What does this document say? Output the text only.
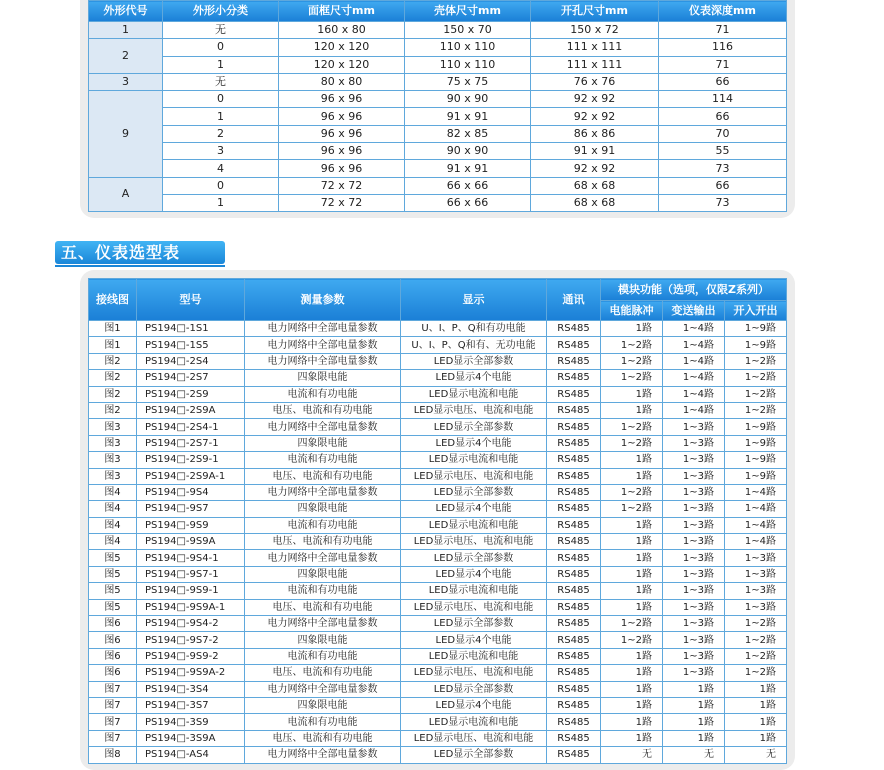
外形代号	外形小分类	面框尺寸mm	壳体尺寸mm	开孔尺寸mm	仪表深度mm
1	无	160 x 80	150 x 70	150 x 72	71
2	0	120 x 120	110 x 110	111 x 111	116
	1	120 x 120	110 x 110	111 x 111	71
3	无	80 x 80	75 x 75	76 x 76	66
9	0	96 x 96	90 x 90	92 x 92	114
	1	96 x 96	91 x 91	92 x 92	66
	2	96 x 96	82 x 85	86 x 86	70
	3	96 x 96	90 x 90	91 x 91	55
	4	96 x 96	91 x 91	92 x 92	73
A	0	72 x 72	66 x 66	68 x 68	66
	1	72 x 72	66 x 66	68 x 68	73
五、仪表选型表
接线图	型号	测量参数	显示	通讯	模块功能（选项，仅限Z系列）		
					电能脉冲	变送输出	开入开出
图1	PS194□-1S1	电力网络中全部电量参数	U、I、P、Q和有功电能	RS485	1路	1~4路	1~9路
图1	PS194□-1S5	电力网络中全部电量参数	U、I、P、Q和有、无功电能	RS485	1~2路	1~4路	1~9路
图2	PS194□-2S4	电力网络中全部电量参数	LED显示全部参数	RS485	1~2路	1~4路	1~2路
图2	PS194□-2S7	四象限电能	LED显示4个电能	RS485	1~2路	1~4路	1~2路
图2	PS194□-2S9	电流和有功电能	LED显示电流和电能	RS485	1路	1~4路	1~2路
图2	PS194□-2S9A	电压、电流和有功电能	LED显示电压、电流和电能	RS485	1路	1~4路	1~2路
图3	PS194□-2S4-1	电力网络中全部电量参数	LED显示全部参数	RS485	1~2路	1~3路	1~9路
图3	PS194□-2S7-1	四象限电能	LED显示4个电能	RS485	1~2路	1~3路	1~9路
图3	PS194□-2S9-1	电流和有功电能	LED显示电流和电能	RS485	1路	1~3路	1~9路
图3	PS194□-2S9A-1	电压、电流和有功电能	LED显示电压、电流和电能	RS485	1路	1~3路	1~9路
图4	PS194□-9S4	电力网络中全部电量参数	LED显示全部参数	RS485	1~2路	1~3路	1~4路
图4	PS194□-9S7	四象限电能	LED显示4个电能	RS485	1~2路	1~3路	1~4路
图4	PS194□-9S9	电流和有功电能	LED显示电流和电能	RS485	1路	1~3路	1~4路
图4	PS194□-9S9A	电压、电流和有功电能	LED显示电压、电流和电能	RS485	1路	1~3路	1~4路
图5	PS194□-9S4-1	电力网络中全部电量参数	LED显示全部参数	RS485	1路	1~3路	1~3路
图5	PS194□-9S7-1	四象限电能	LED显示4个电能	RS485	1路	1~3路	1~3路
图5	PS194□-9S9-1	电流和有功电能	LED显示电流和电能	RS485	1路	1~3路	1~3路
图5	PS194□-9S9A-1	电压、电流和有功电能	LED显示电压、电流和电能	RS485	1路	1~3路	1~3路
图6	PS194□-9S4-2	电力网络中全部电量参数	LED显示全部参数	RS485	1~2路	1~3路	1~2路
图6	PS194□-9S7-2	四象限电能	LED显示4个电能	RS485	1~2路	1~3路	1~2路
图6	PS194□-9S9-2	电流和有功电能	LED显示电流和电能	RS485	1路	1~3路	1~2路
图6	PS194□-9S9A-2	电压、电流和有功电能	LED显示电压、电流和电能	RS485	1路	1~3路	1~2路
图7	PS194□-3S4	电力网络中全部电量参数	LED显示全部参数	RS485	1路	1路	1路
图7	PS194□-3S7	四象限电能	LED显示4个电能	RS485	1路	1路	1路
图7	PS194□-3S9	电流和有功电能	LED显示电流和电能	RS485	1路	1路	1路
图7	PS194□-3S9A	电压、电流和有功电能	LED显示电压、电流和电能	RS485	1路	1路	1路
图8	PS194□-AS4	电力网络中全部电量参数	LED显示全部参数	RS485	无	无	无
